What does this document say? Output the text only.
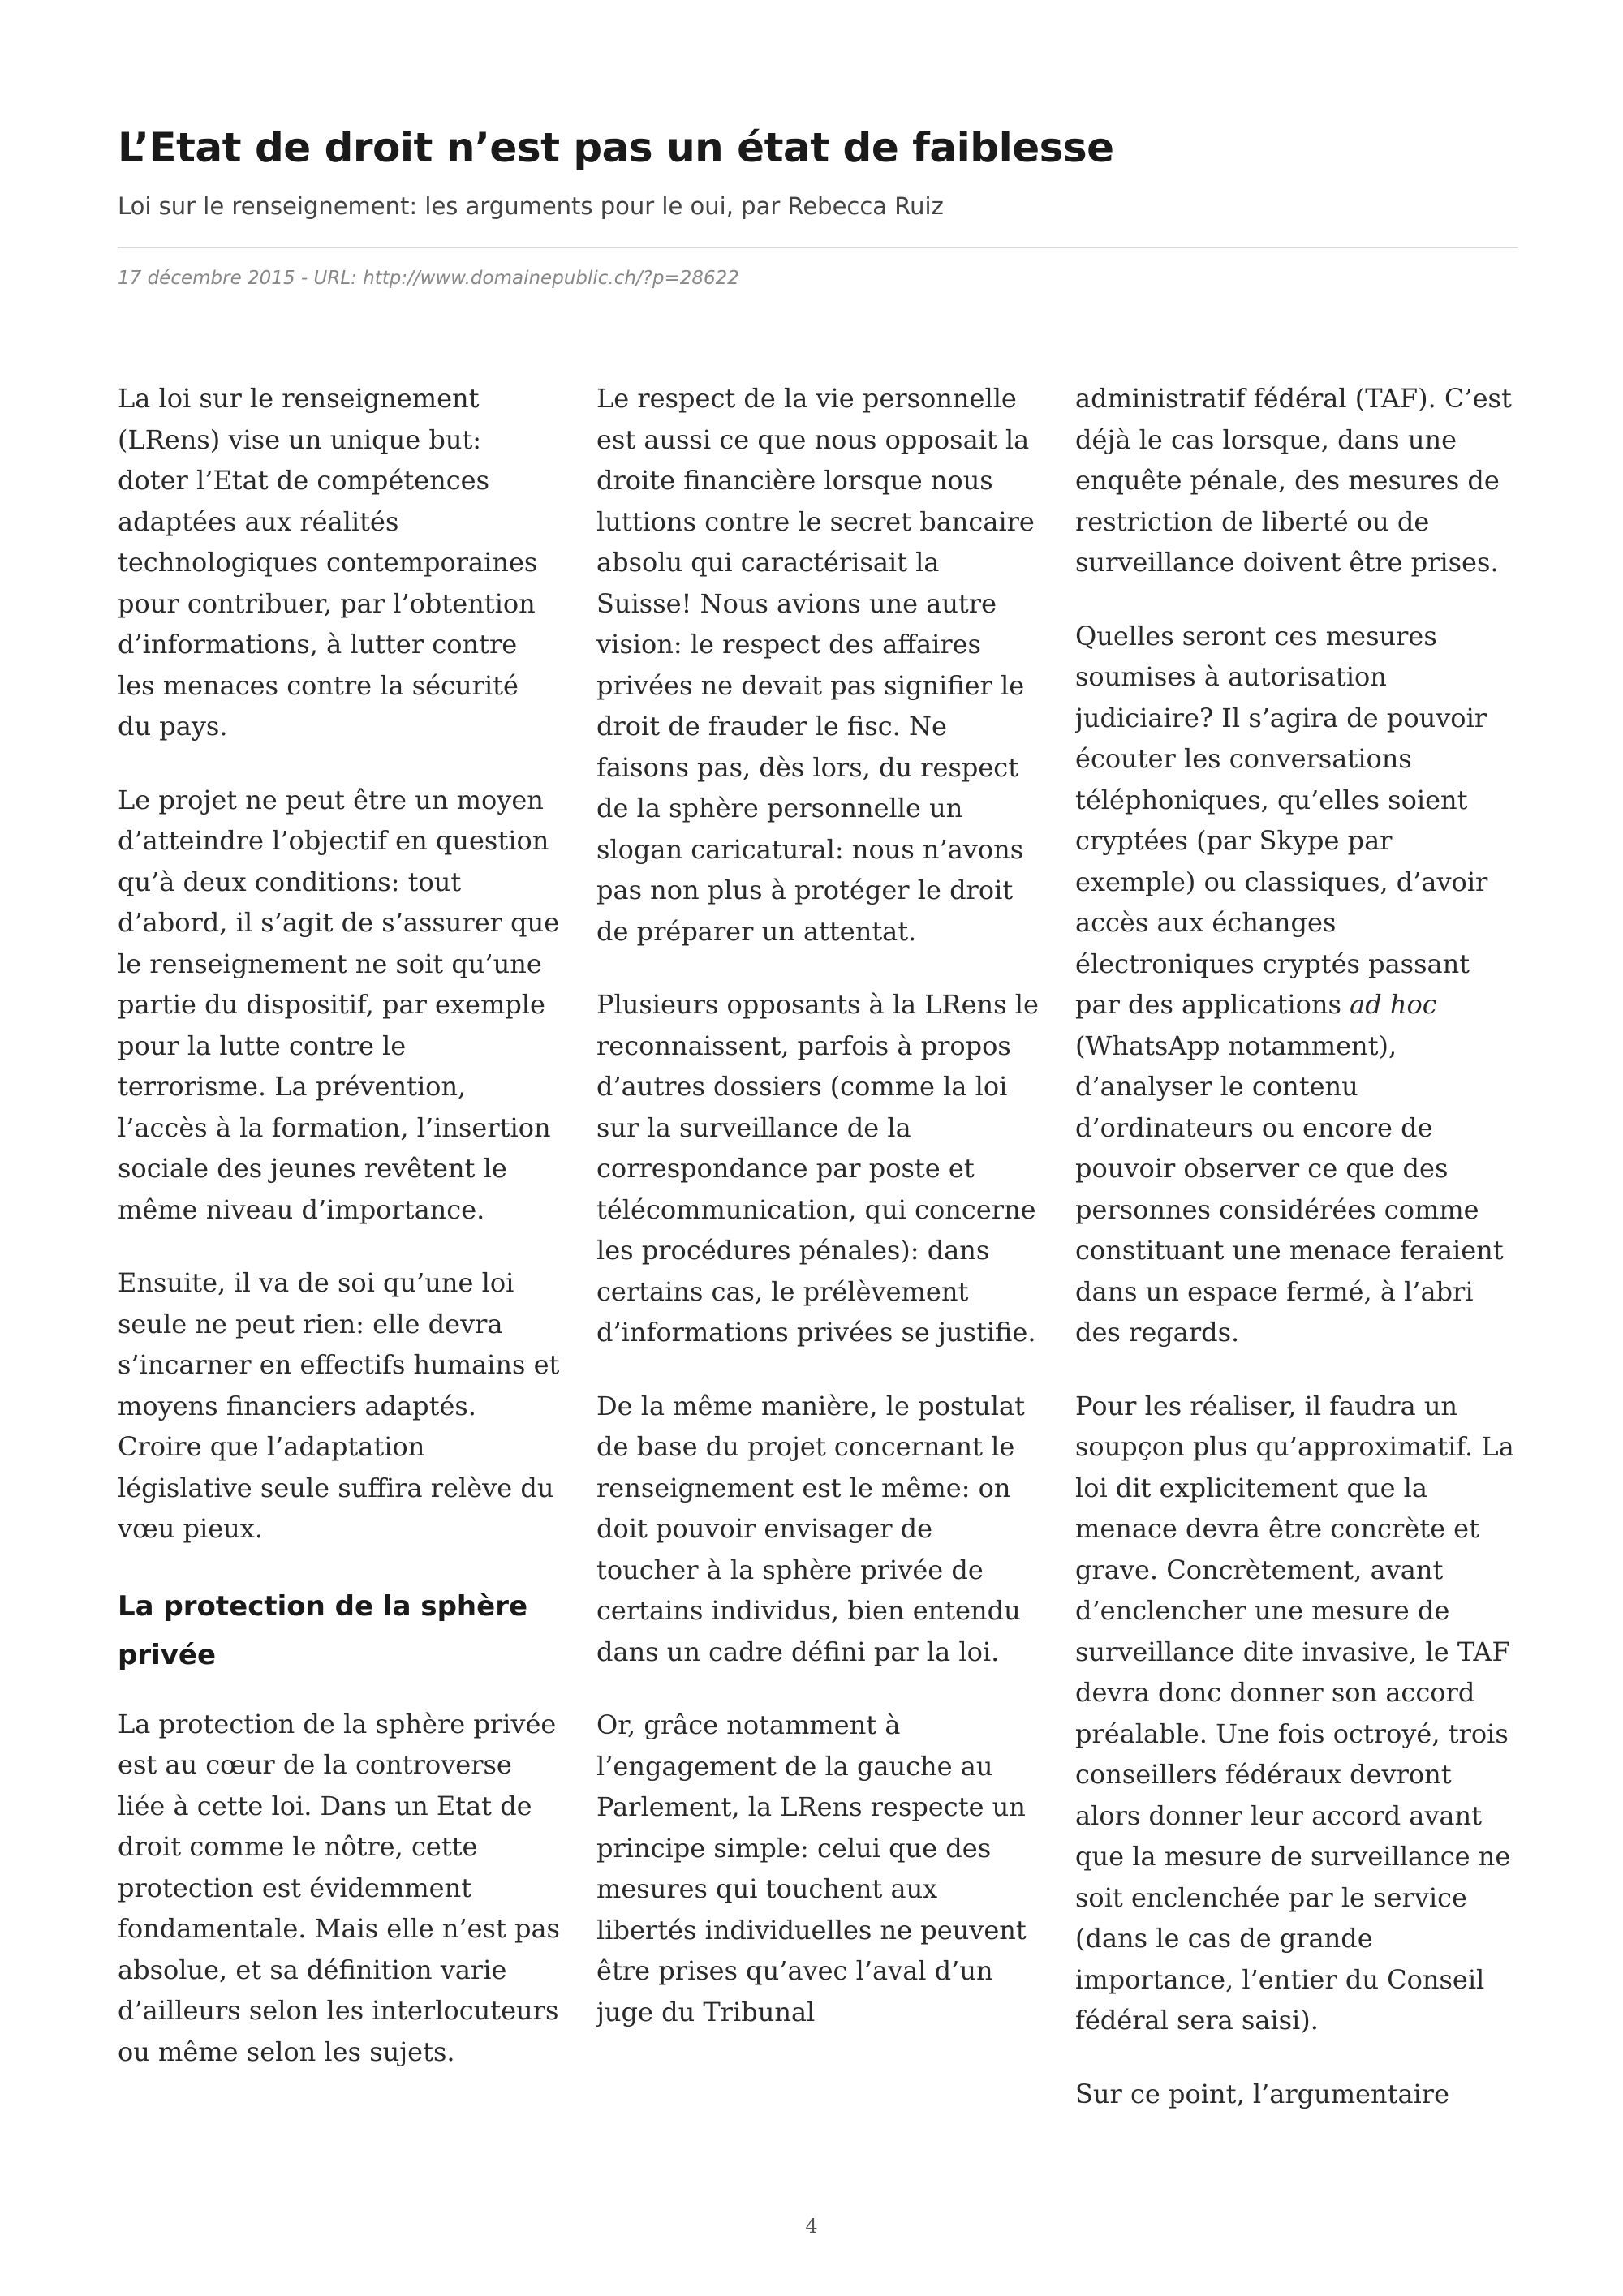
L’Etat de droit n’est pas un état de faiblesse

Loi sur le renseignement: les arguments pour le oui, par Rebecca Ruiz

17 décembre 2015 - URL: http://www.domainepublic.ch/?p=28622

La loi sur le renseignement (LRens) vise un unique but: doter l’Etat de compétences adaptées aux réalités technologiques contemporaines pour contribuer, par l’obtention d’informations, à lutter contre les menaces contre la sécurité du pays.

Le projet ne peut être un moyen d’atteindre l’objectif en question qu’à deux conditions: tout d’abord, il s’agit de s’assurer que le renseignement ne soit qu’une partie du dispositif, par exemple pour la lutte contre le terrorisme. La prévention, l’accès à la formation, l’insertion sociale des jeunes revêtent le même niveau d’importance.

Ensuite, il va de soi qu’une loi seule ne peut rien: elle devra s’incarner en effectifs humains et moyens financiers adaptés. Croire que l’adaptation législative seule suffira relève du vœu pieux.

La protection de la sphère privée

La protection de la sphère privée est au cœur de la controverse liée à cette loi. Dans un Etat de droit comme le nôtre, cette protection est évidemment fondamentale. Mais elle n’est pas absolue, et sa définition varie d’ailleurs selon les interlocuteurs ou même selon les sujets.

Le respect de la vie personnelle est aussi ce que nous opposait la droite financière lorsque nous luttions contre le secret bancaire absolu qui caractérisait la Suisse! Nous avions une autre vision: le respect des affaires privées ne devait pas signifier le droit de frauder le fisc. Ne faisons pas, dès lors, du respect de la sphère personnelle un slogan caricatural: nous n’avons pas non plus à protéger le droit de préparer un attentat.

Plusieurs opposants à la LRens le reconnaissent, parfois à propos d’autres dossiers (comme la loi sur la surveillance de la correspondance par poste et télécommunication, qui concerne les procédures pénales): dans certains cas, le prélèvement d’informations privées se justifie.

De la même manière, le postulat de base du projet concernant le renseignement est le même: on doit pouvoir envisager de toucher à la sphère privée de certains individus, bien entendu dans un cadre défini par la loi.

Or, grâce notamment à l’engagement de la gauche au Parlement, la LRens respecte un principe simple: celui que des mesures qui touchent aux libertés individuelles ne peuvent être prises qu’avec l’aval d’un juge du Tribunal

administratif fédéral (TAF). C’est déjà le cas lorsque, dans une enquête pénale, des mesures de restriction de liberté ou de surveillance doivent être prises.

Quelles seront ces mesures soumises à autorisation judiciaire? Il s’agira de pouvoir écouter les conversations téléphoniques, qu’elles soient cryptées (par Skype par exemple) ou classiques, d’avoir accès aux échanges électroniques cryptés passant par des applications ad hoc (WhatsApp notamment), d’analyser le contenu d’ordinateurs ou encore de pouvoir observer ce que des personnes considérées comme constituant une menace feraient dans un espace fermé, à l’abri des regards.

Pour les réaliser, il faudra un soupçon plus qu’approximatif. La loi dit explicitement que la menace devra être concrète et grave. Concrètement, avant d’enclencher une mesure de surveillance dite invasive, le TAF devra donc donner son accord préalable. Une fois octroyé, trois conseillers fédéraux devront alors donner leur accord avant que la mesure de surveillance ne soit enclenchée par le service (dans le cas de grande importance, l’entier du Conseil fédéral sera saisi).

Sur ce point, l’argumentaire

4
